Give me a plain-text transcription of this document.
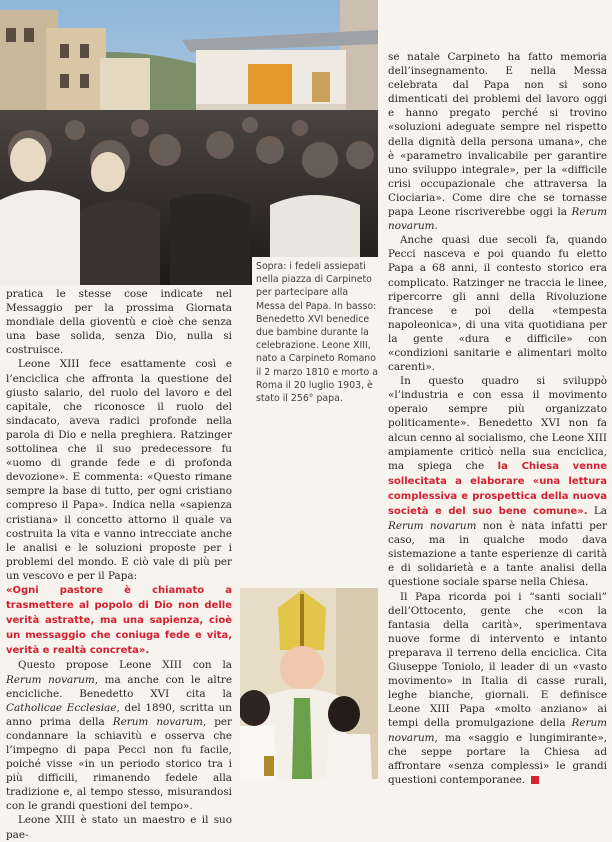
Sopra: i fedeli assiepati nella piazza di Carpineto per partecipare alla Messa del Papa. In basso: Benedetto XVI benedice due bambine durante la celebrazione. Leone XIII, nato a Carpineto Romano il 2 marzo 1810 e morto a Roma il 20 luglio 1903, è stato il 256° papa.

pratica le stesse cose indicate nel Messaggio per la prossima Giornata mondiale della gioventù e cioè che senza una base solida, senza Dio, nulla si costruisce.

Leone XIII fece esattamente così e l’enciclica che affronta la questione del giusto salario, del ruolo del lavoro e del capitale, che riconosce il ruolo del sindacato, aveva radici profonde nella parola di Dio e nella preghiera. Ratzinger sottolinea che il suo predecessore fu «uomo di grande fede e di profonda devozione». E commenta: «Questo rimane sempre la base di tutto, per ogni cristiano compreso il Papa». Indica nella «sapienza cristiana» il concetto attorno il quale va costruita la vita e vanno intrecciate anche le analisi e le soluzioni proposte per i problemi del mondo. E ciò vale di più per un vescovo e per il Papa:

«Ogni pastore è chiamato a trasmettere al popolo di Dio non delle verità astratte, ma una sapienza, cioè un messaggio che coniuga fede e vita, verità e realtà concreta».

Questo propose Leone XIII con la Rerum novarum, ma anche con le altre encicliche. Benedetto XVI cita la Catholicae Ecclesiae, del 1890, scritta un anno prima della Rerum novarum, per condannare la schiavitù e osserva che l’impegno di papa Pecci non fu facile, poiché visse «in un periodo storico tra i più difficili, rimanendo fedele alla tradizione e, al tempo stesso, misurandosi con le grandi questioni del tempo».

Leone XIII è stato un maestro e il suo pae-

se natale Carpineto ha fatto memoria dell’insegnamento. E nella Messa celebrata dal Papa non si sono dimenticati dei problemi del lavoro oggi e hanno pregato perché si trovino «soluzioni adeguate sempre nel rispetto della dignità della persona umana», che è «parametro invalicabile per garantire uno sviluppo integrale», per la «difficile crisi occupazionale che attraversa la Ciociaria». Come dire che se tornasse papa Leone riscriverebbe oggi la Rerum novarum.

Anche quasi due secoli fa, quando Pecci nasceva e poi quando fu eletto Papa a 68 anni, il contesto storico era complicato. Ratzinger ne traccia le linee, ripercorre gli anni della Rivoluzione francese e poi della «tempesta napoleonica», di una vita quotidiana per la gente «dura e difficile» con «condizioni sanitarie e alimentari molto carenti».

In questo quadro si sviluppò «l’industria e con essa il movimento operaio sempre più organizzato politicamente». Benedetto XVI non fa alcun cenno al socialismo, che Leone XIII ampiamente criticò nella sua enciclica, ma spiega che la Chiesa venne sollecitata a elaborare «una lettura complessiva e prospettica della nuova società e del suo bene comune». La Rerum novarum non è nata infatti per caso, ma in qualche modo dava sistemazione a tante esperienze di carità e di solidarietà e a tante analisi della questione sociale sparse nella Chiesa.

Il Papa ricorda poi i “santi sociali” dell’Ottocento, gente che «con la fantasia della carità», sperimentava nuove forme di intervento e intanto preparava il terreno della enciclica. Cita Giuseppe Toniolo, il leader di un «vasto movimento» in Italia di casse rurali, leghe bianche, giornali. E definisce Leone XIII Papa «molto anziano» ai tempi della promulgazione della Rerum novarum, ma «saggio e lungimirante», che seppe portare la Chiesa ad affrontare «senza complessi» le grandi questioni contemporanee.
